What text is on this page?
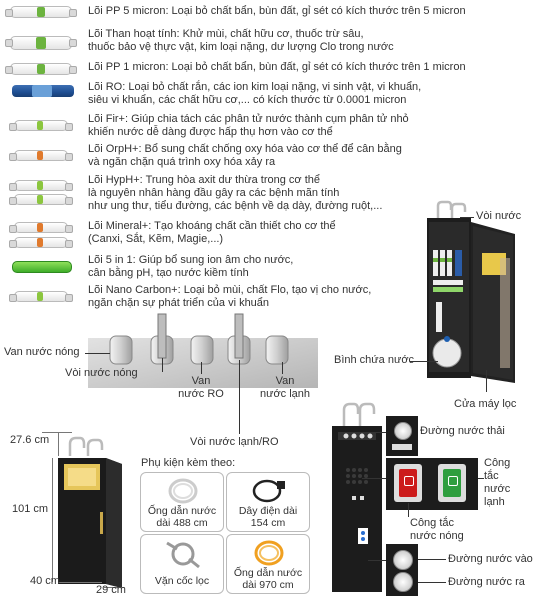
Lõi PP 5 micron: Loại bỏ chất bẩn, bùn đất, gỉ sét có kích thước trên 5 micron
Lõi Than hoạt tính: Khử mùi, chất hữu cơ, thuốc trừ sâu,
thuốc bảo vệ thực vật, kim loại nặng, dư lượng Clo trong nước
Lõi PP 1 micron: Loại bỏ chất bẩn, bùn đất, gỉ sét có kích thước trên 1 micron
Lõi RO: Loại bỏ chất rắn, các ion kim loại nặng, vi sinh vật, vi khuẩn,
siêu vi khuẩn, các chất hữu cơ,... có kích thước từ 0.0001 micron
Lõi Fir+: Giúp chia tách các phân tử nước thành cụm phân tử nhỏ
khiến nước dễ dàng được hấp thụ hơn vào cơ thể
Lõi OrpH+: Bổ sung chất chống oxy hóa vào cơ thể để cân bằng
và ngăn chặn quá trình oxy hóa xảy ra
Lõi HypH+: Trung hòa axit dư thừa trong cơ thể
là nguyên nhân hàng đầu gây ra các bệnh mãn tính
như ung thư, tiểu đường, các bệnh về dạ dày, đường ruột,...
Lõi Mineral+: Tạo khoáng chất cần thiết cho cơ thể
(Canxi, Sắt, Kẽm, Magie,...)
Lõi 5 in 1: Giúp bổ sung ion âm cho nước,
cân bằng pH, tạo nước kiềm tính
Lõi Nano Carbon+: Loại bỏ mùi, chất Flo, tạo vị cho nước,
ngăn chặn sự phát triển của vi khuẩn
Vòi nước
Bình chứa nước
Cửa máy lọc
Van nước nóng
Vòi nước nóng
Van
nước RO
Van
nước lạnh
Vòi nước lạnh/RO
27.6 cm
101 cm
40 cm
29 cm
Phụ kiện kèm theo:
Ống dẫn nước
dài 488 cm
Dây điện dài
154 cm
Vặn cốc lọc
Ống dẫn nước
dài 970 cm
Đường nước thải
Công tắc
nước nóng
Công
tắc
nước
lạnh
Đường nước vào
Đường nước ra
